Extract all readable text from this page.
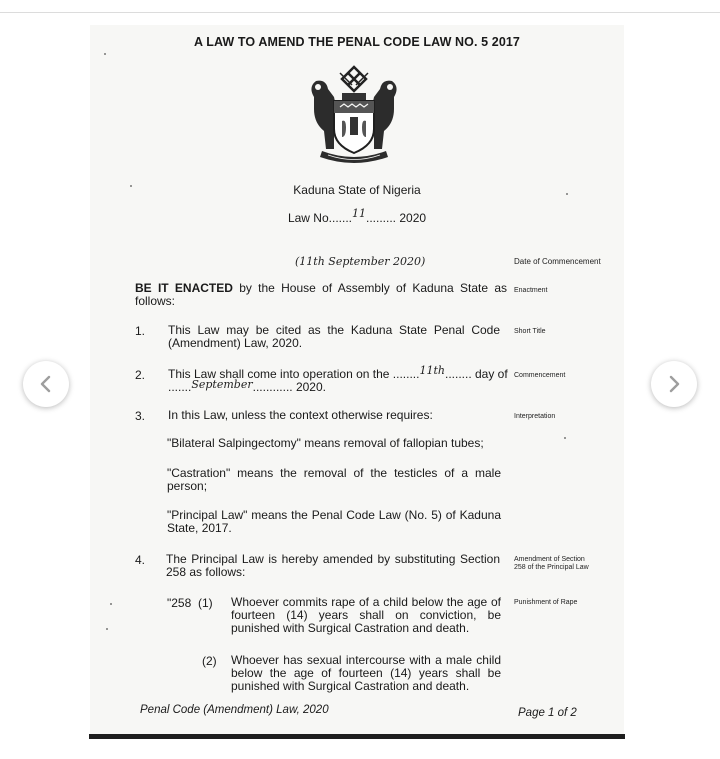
A LAW TO AMEND THE PENAL CODE LAW NO. 5 2017
Kaduna State of Nigeria
Law No.......11......... 2020
(11th September 2020)	Date of Commencement
BE IT ENACTED by the House of Assembly of Kaduna State as follows:
Enactment
1. This Law may be cited as the Kaduna State Penal Code (Amendment) Law, 2020.
Short Title
2. This Law shall come into operation on the ........11th........ day of .......September............ 2020.
Commencement
3. In this Law, unless the context otherwise requires:	Interpretation
"Bilateral Salpingectomy" means removal of fallopian tubes;
"Castration" means the removal of the testicles of a male person;
"Principal Law" means the Penal Code Law (No. 5) of Kaduna State, 2017.
4. The Principal Law is hereby amended by substituting Section 258 as follows:
Amendment of Section
258 of the Principal Law
"258  (1) Whoever commits rape of a child below the age of fourteen (14) years shall on conviction, be punished with Surgical Castration and death.
Punishment of Rape
(2) Whoever has sexual intercourse with a male child below the age of fourteen (14) years shall be punished with Surgical Castration and death.
Penal Code (Amendment) Law, 2020	Page 1 of 2
